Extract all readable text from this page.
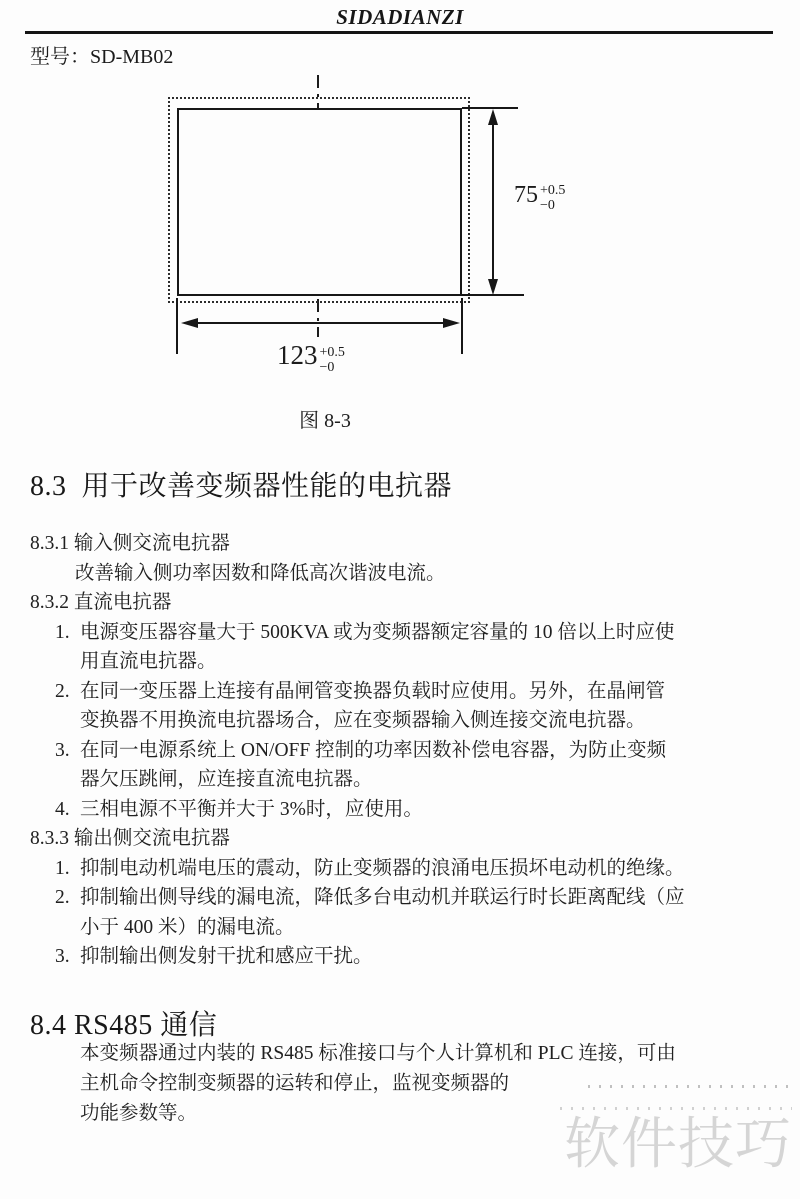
SIDADIANZI
型号：SD-MB02
75 +0.5
−0
123 +0.5
−0
图 8-3
8.3  用于改善变频器性能的电抗器
8.3.1 输入侧交流电抗器
改善输入侧功率因数和降低高次谐波电流。
8.3.2 直流电抗器
1. 电源变压器容量大于 500KVA 或为变频器额定容量的 10 倍以上时应使
用直流电抗器。
2. 在同一变压器上连接有晶闸管变换器负载时应使用。另外，在晶闸管
变换器不用换流电抗器场合，应在变频器输入侧连接交流电抗器。
3. 在同一电源系统上 ON/OFF 控制的功率因数补偿电容器，为防止变频
器欠压跳闸，应连接直流电抗器。
4. 三相电源不平衡并大于 3%时，应使用。
8.3.3 输出侧交流电抗器
1. 抑制电动机端电压的震动，防止变频器的浪涌电压损坏电动机的绝缘。
2. 抑制输出侧导线的漏电流，降低多台电动机并联运行时长距离配线（应
小于 400 米）的漏电流。
3. 抑制输出侧发射干扰和感应干扰。
8.4 RS485 通信
本变频器通过内装的 RS485 标准接口与个人计算机和 PLC 连接，可由
主机命令控制变频器的运转和停止，监视变频器的
功能参数等。	软件技巧
